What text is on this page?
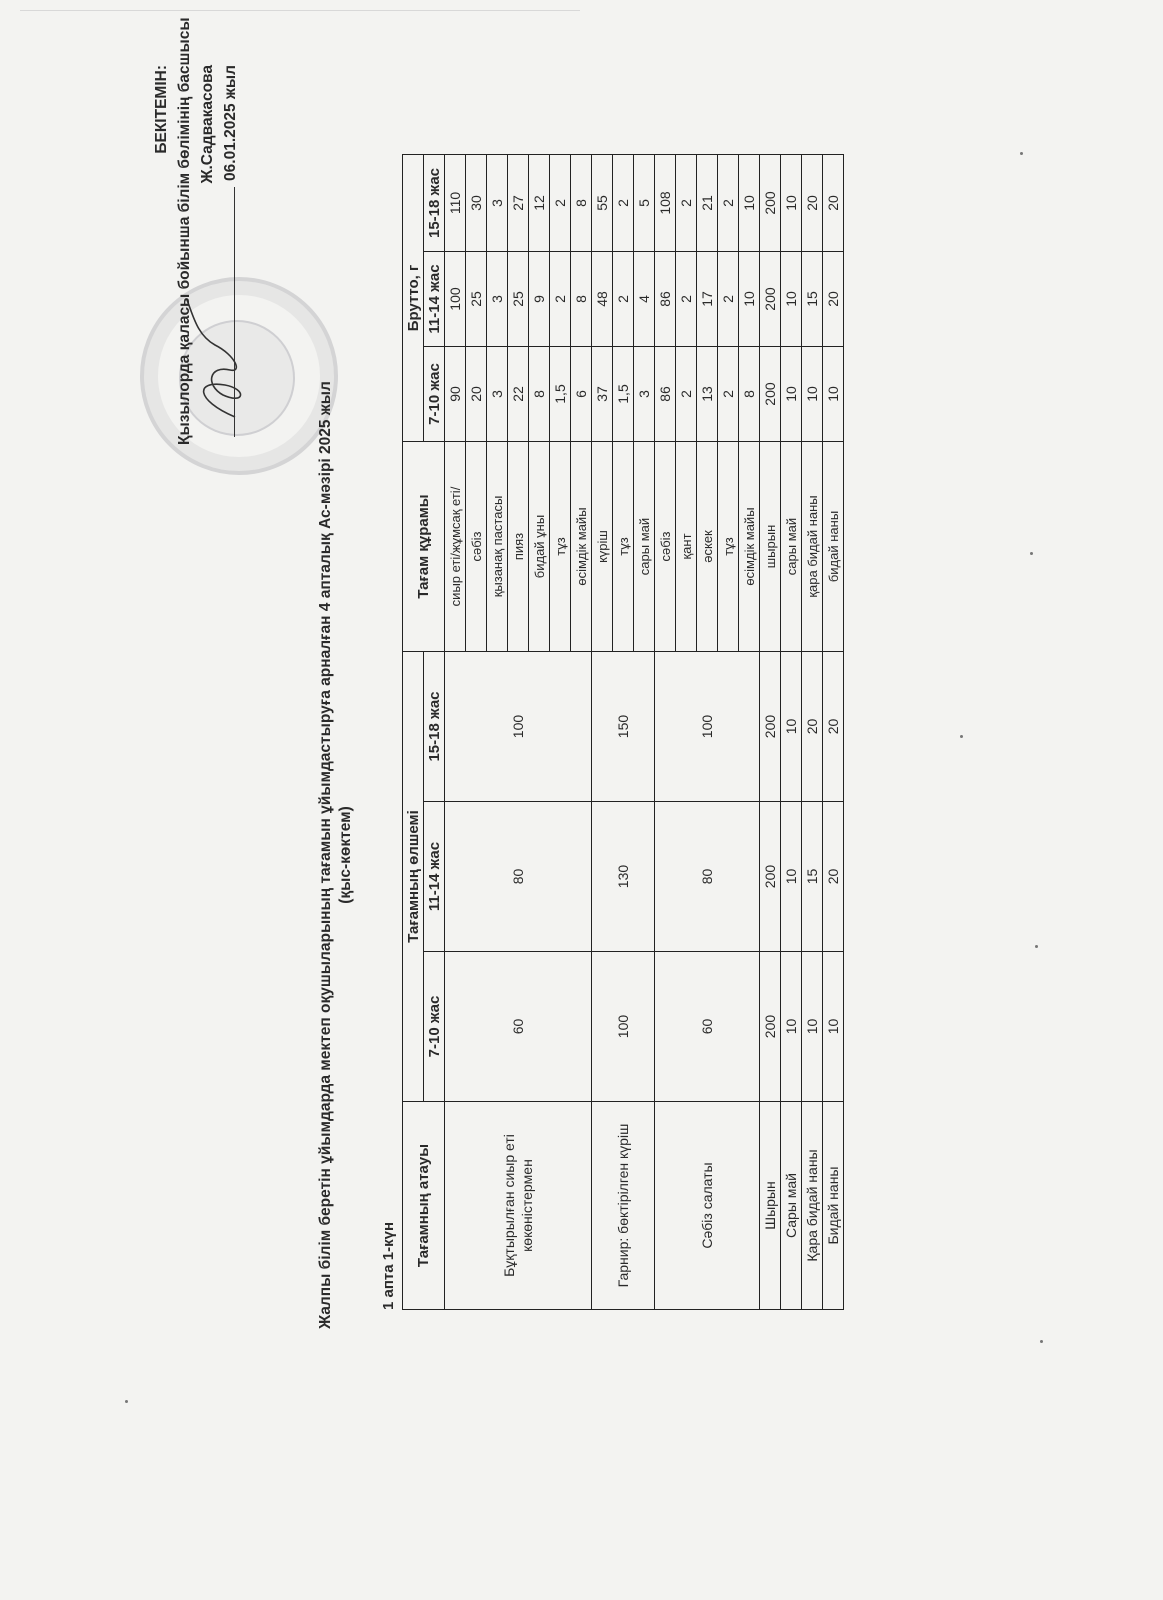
БЕКІТЕМІН: Қызылорда қаласы бойынша білім бөлімінің басшысы Ж.Садвакасова 06.01.2025 жыл
Жалпы білім беретін ұйымдарда мектеп оқушыларының тағамын ұйымдастыруға арналған 4 апталық Ас-мәзірі 2025 жыл (қыс-көктем)
1 апта 1-күн Тағамның атауы	Тағамның өлшемі			Тағам құрамы	Брутто, г		
	7-10 жас	11-14 жас	15-18 жас		7-10 жас	11-14 жас	15-18 жас
Бұқтырылған сиыр еті көкөністермен	60	80	100	сиыр еті/жұмсақ еті/	90	100	110
				сәбіз	20	25	30
				қызанақ пастасы	3	3	3
				пияз	22	25	27
				бидай ұны	8	9	12
				тұз	1,5	2	2
				өсімдік майы	6	8	8
Гарнир: бөктірілген күріш	100	130	150	күріш	37	48	55
				тұз	1,5	2	2
				сары май	3	4	5
Сәбіз салаты	60	80	100	сәбіз	86	86	108
				қант	2	2	2
				әскек	13	17	21
				тұз	2	2	2
				өсімдік майы	8	10	10
Шырын	200	200	200	шырын	200	200	200
Сары май	10	10	10	сары май	10	10	10
Қара бидай наны	10	15	20	қара бидай наны	10	15	20
Бидай наны	10	20	20	бидай наны	10	20	20
